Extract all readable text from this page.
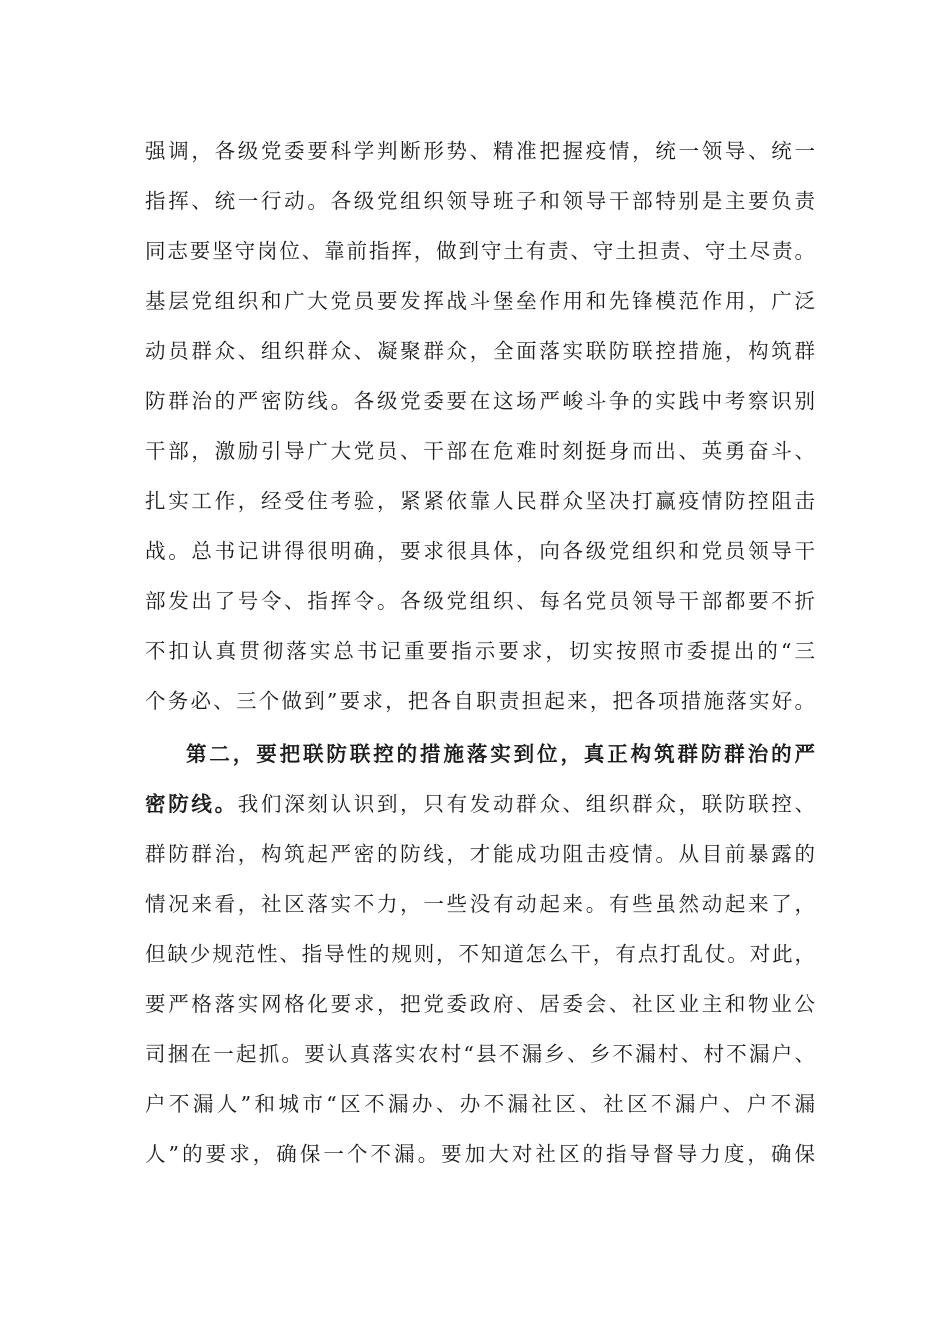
强调，各级党委要科学判断形势、精准把握疫情，统一领导、统一
指挥、统一行动。各级党组织领导班子和领导干部特别是主要负责
同志要坚守岗位、靠前指挥，做到守土有责、守土担责、守土尽责。
基层党组织和广大党员要发挥战斗堡垒作用和先锋模范作用，广泛
动员群众、组织群众、凝聚群众，全面落实联防联控措施，构筑群
防群治的严密防线。各级党委要在这场严峻斗争的实践中考察识别
干部，激励引导广大党员、干部在危难时刻挺身而出、英勇奋斗、
扎实工作，经受住考验，紧紧依靠人民群众坚决打赢疫情防控阻击
战。总书记讲得很明确，要求很具体，向各级党组织和党员领导干
部发出了号令、指挥令。各级党组织、每名党员领导干部都要不折
不扣认真贯彻落实总书记重要指示要求，切实按照市委提出的“三
个务必、三个做到”要求，把各自职责担起来，把各项措施落实好。
第二，要把联防联控的措施落实到位，真正构筑群防群治的严
密防线。我们深刻认识到，只有发动群众、组织群众，联防联控、
群防群治，构筑起严密的防线，才能成功阻击疫情。从目前暴露的
情况来看，社区落实不力，一些没有动起来。有些虽然动起来了，
但缺少规范性、指导性的规则，不知道怎么干，有点打乱仗。对此，
要严格落实网格化要求，把党委政府、居委会、社区业主和物业公
司捆在一起抓。要认真落实农村“县不漏乡、乡不漏村、村不漏户、
户不漏人”和城市“区不漏办、办不漏社区、社区不漏户、户不漏
人”的要求，确保一个不漏。要加大对社区的指导督导力度，确保
